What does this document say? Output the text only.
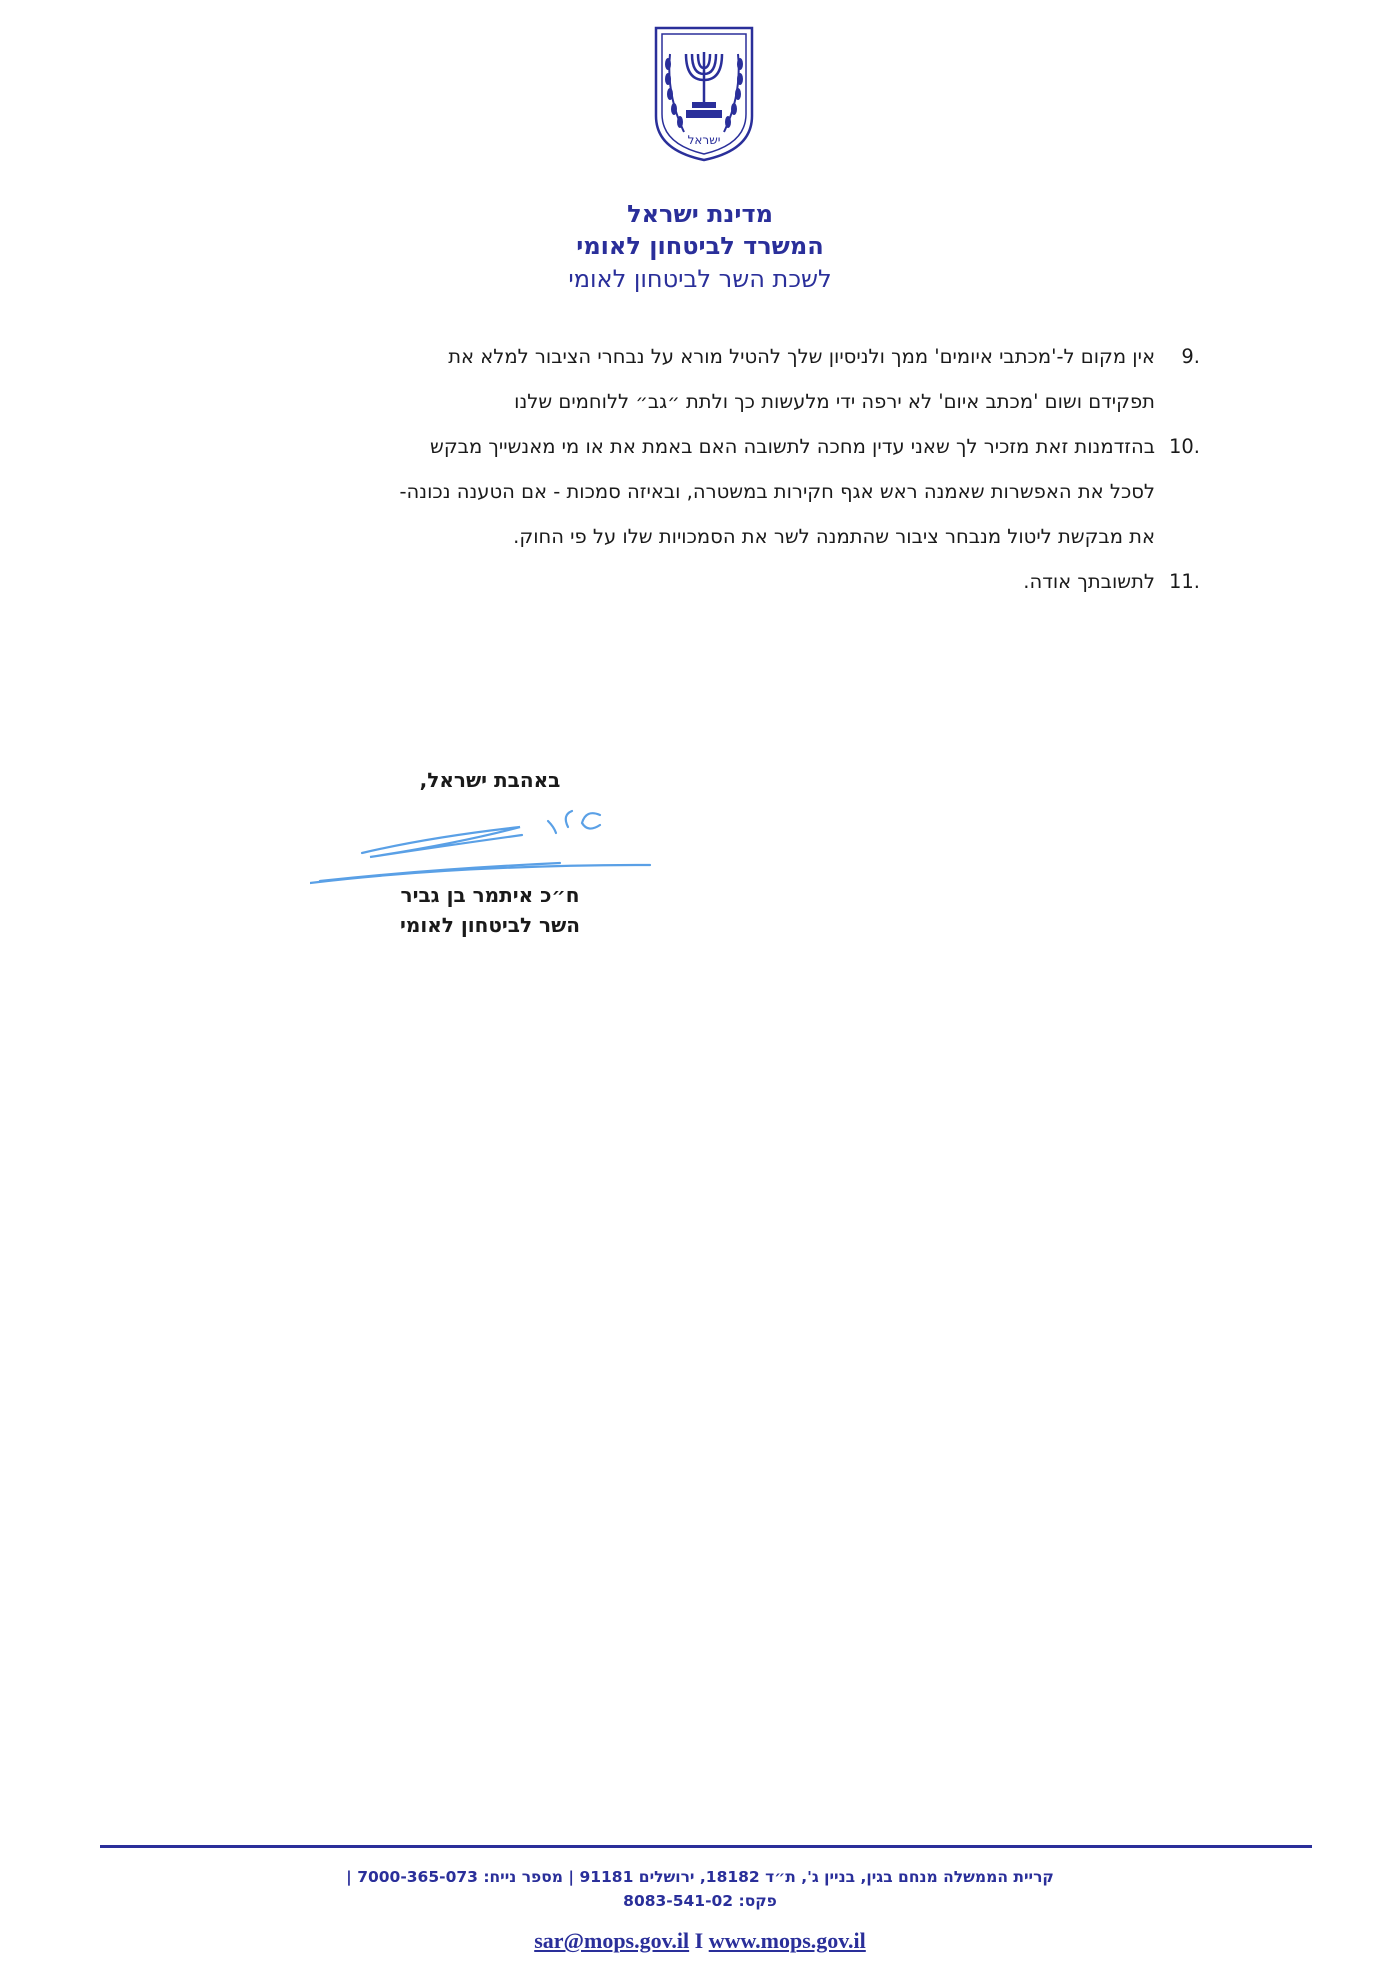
ישראל
מדינת ישראל
המשרד לביטחון לאומי
לשכת השר לביטחון לאומי
9.
אין מקום ל-'מכתבי איומים' ממך ולניסיון שלך להטיל מורא על נבחרי הציבור למלא את
תפקידם ושום 'מכתב איום' לא ירפה ידי מלעשות כך ולתת ״גב״ ללוחמים שלנו
10.
בהזדמנות זאת מזכיר לך שאני עדין מחכה לתשובה האם באמת את או מי מאנשייך מבקש
לסכל את האפשרות שאמנה ראש אגף חקירות במשטרה, ובאיזה סמכות - אם הטענה נכונה-
את מבקשת ליטול מנבחר ציבור שהתמנה לשר את הסמכויות שלו על פי החוק.
11.
לתשובתך אודה.
באהבת ישראל,
ח״כ איתמר בן גביר
השר לביטחון לאומי
קריית הממשלה מנחם בגין, בניין ג', ת״ד 18182, ירושלים 91181 | מספר נייח: 7000-365-073 |
פקס: 8083-541-02
sar@mops.gov.il I www.mops.gov.il
